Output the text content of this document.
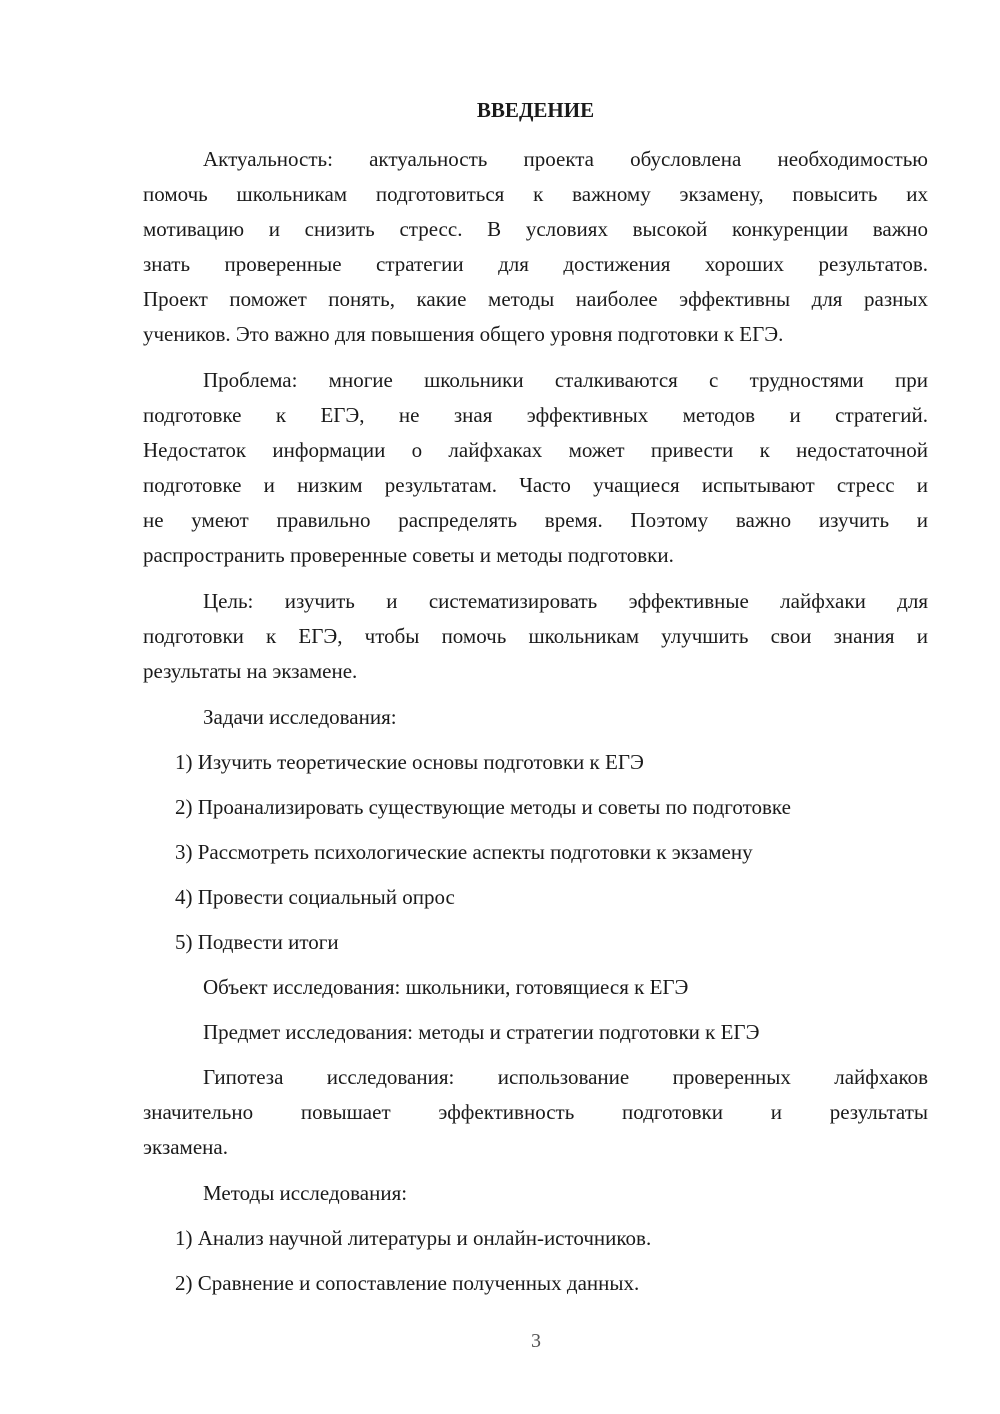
ВВЕДЕНИЕ
Актуальность: актуальность проекта обусловлена необходимостью
помочь школьникам подготовиться к важному экзамену, повысить их
мотивацию и снизить стресс. В условиях высокой конкуренции важно
знать проверенные стратегии для достижения хороших результатов.
Проект поможет понять, какие методы наиболее эффективны для разных
учеников. Это важно для повышения общего уровня подготовки к ЕГЭ.
Проблема: многие школьники сталкиваются с трудностями при
подготовке к ЕГЭ, не зная эффективных методов и стратегий.
Недостаток информации о лайфхаках может привести к недостаточной
подготовке и низким результатам. Часто учащиеся испытывают стресс и
не умеют правильно распределять время. Поэтому важно изучить и
распространить проверенные советы и методы подготовки.
Цель: изучить и систематизировать эффективные лайфхаки для
подготовки к ЕГЭ, чтобы помочь школьникам улучшить свои знания и
результаты на экзамене.
Задачи исследования:
1) Изучить теоретические основы подготовки к ЕГЭ
2) Проанализировать существующие методы и советы по подготовке
3) Рассмотреть психологические аспекты подготовки к экзамену
4) Провести социальный опрос
5) Подвести итоги
Объект исследования: школьники, готовящиеся к ЕГЭ
Предмет исследования: методы и стратегии подготовки к ЕГЭ
Гипотеза исследования: использование проверенных лайфхаков
значительно повышает эффективность подготовки и результаты
экзамена.
Методы исследования:
1) Анализ научной литературы и онлайн-источников.
2) Сравнение и сопоставление полученных данных.
3
